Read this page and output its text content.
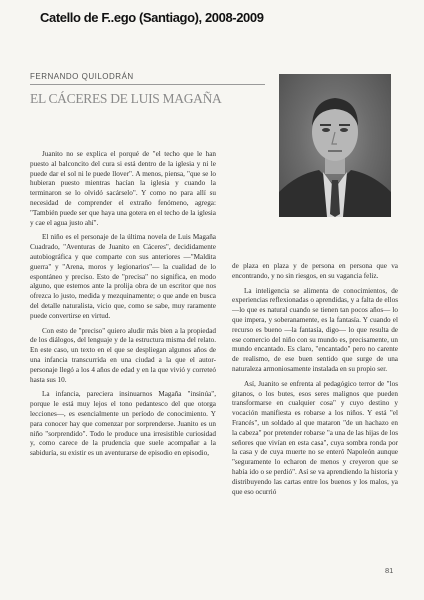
Catello de F..ego (Santiago), 2008-2009
FERNANDO QUILODRÁN
EL CÁCERES DE LUIS MAGAÑA

Juanito no se explica el porqué de "el techo que le han puesto al balconcito del cura si está dentro de la iglesia y ni le puede dar el sol ni le puede llover". A menos, piensa, "que se lo hubieran puesto mientras hacían la iglesia y cuando la terminaron se lo olvidó sacárselo". Y como no para allí su necesidad de comprender el extraño fenómeno, agrega: "También puede ser que haya una gotera en el techo de la iglesia y cae el agua justo ahí".

El niño es el personaje de la última novela de Luis Magaña Cuadrado, "Aventuras de Juanito en Cáceres", decididamente autobiográfica y que comparte con sus anteriores —"Maldita guerra" y "Arena, moros y legionarios"— la cualidad de lo espontáneo y preciso. Esto de "precisa" no significa, en modo alguno, que estemos ante la prolija obra de un escritor que nos ofrezca lo justo, medida y mezquinamente; o que ande en busca del detalle naturalista, vicio que, como se sabe, muy raramente puede convertirse en virtud.

Con esto de "preciso" quiero aludir más bien a la propiedad de los diálogos, del lenguaje y de la estructura misma del relato. En este caso, un texto en el que se despliegan algunos años de una infancia transcurrida en una ciudad a la que el autor-personaje llegó a los 4 años de edad y en la que vivió y correteó hasta sus 10.

La infancia, pareciera insinuarnos Magaña "insinúa", porque le está muy lejos el tono pedantesco del que otorga lecciones—, es esencialmente un período de conocimiento. Y para conocer hay que comenzar por sorprenderse. Juanito es un niño "sorprendido". Todo le produce una irresistible curiosidad y, como carece de la prudencia que suele acompañar a la sabiduría, su existir es un aventurarse de episodio en episodio,

de plaza en plaza y de persona en persona que va encontrando, y no sin riesgos, en su vagancia feliz.

La inteligencia se alimenta de conocimientos, de experiencias reflexionadas o aprendidas, y a falta de ellos —lo que es natural cuando se tienen tan pocos años— lo que impera, y soberanamente, es la fantasía. Y cuando el recurso es bueno —la fantasía, digo— lo que resulta de ese comercio del niño con su mundo es, precisamente, un mundo encantado. Es claro, "encantado" pero no carente de realismo, de ese buen sentido que surge de una naturaleza armoniosamente instalada en su propio ser.

Así, Juanito se enfrenta al pedagógico terror de "los gitanos, o los butes, esos seres malignos que pueden transformarse en cualquier cosa" y cuyo destino y vocación manifiesta es robarse a los niños. Y está "el Francés", un soldado al que mataron "de un hachazo en la cabeza" por pretender robarse "a una de las hijas de los señores que vivían en esta casa", cuya sombra ronda por la casa y de cuya muerte no se enteró Napoleón aunque "seguramente lo echaron de menos y creyeron que se había ido o se perdió". Así se va aprendiendo la historia y distribuyendo las cartas entre los buenos y los malos, ya que eso ocurrió

81
